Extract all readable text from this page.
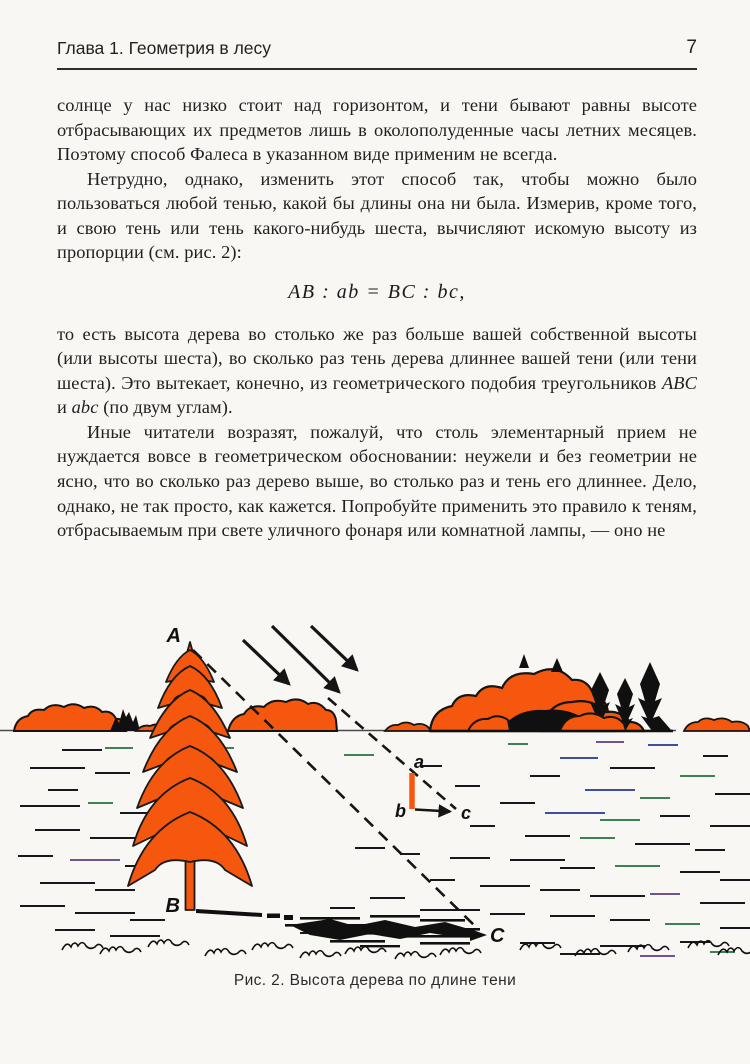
Глава 1. Геометрия в лесу	7

солнце у нас низко стоит над горизонтом, и тени бывают равны высоте отбрасывающих их предметов лишь в околополуденные часы летних месяцев. Поэтому способ Фалеса в указанном виде применим не всегда.

Нетрудно, однако, изменить этот способ так, чтобы можно было пользоваться любой тенью, какой бы длины она ни была. Измерив, кроме того, и свою тень или тень какого-нибудь шеста, вычисляют искомую высоту из пропорции (см. рис. 2):

AB : ab = BC : bc,

то есть высота дерева во столько же раз больше вашей собственной высоты (или высоты шеста), во сколько раз тень дерева длиннее вашей тени (или тени шеста). Это вытекает, конечно, из геометрического подобия треугольников ABC и abc (по двум углам).

Иные читатели возразят, пожалуй, что столь элементарный прием не нуждается вовсе в геометрическом обосновании: неужели и без геометрии не ясно, что во сколько раз дерево выше, во столько раз и тень его длиннее. Дело, однако, не так просто, как кажется. Попробуйте применить это правило к теням, отбрасываемым при свете уличного фонаря или комнатной лампы, — оно не

A
B
C
a
b	c
Рис. 2. Высота дерева по длине тени
